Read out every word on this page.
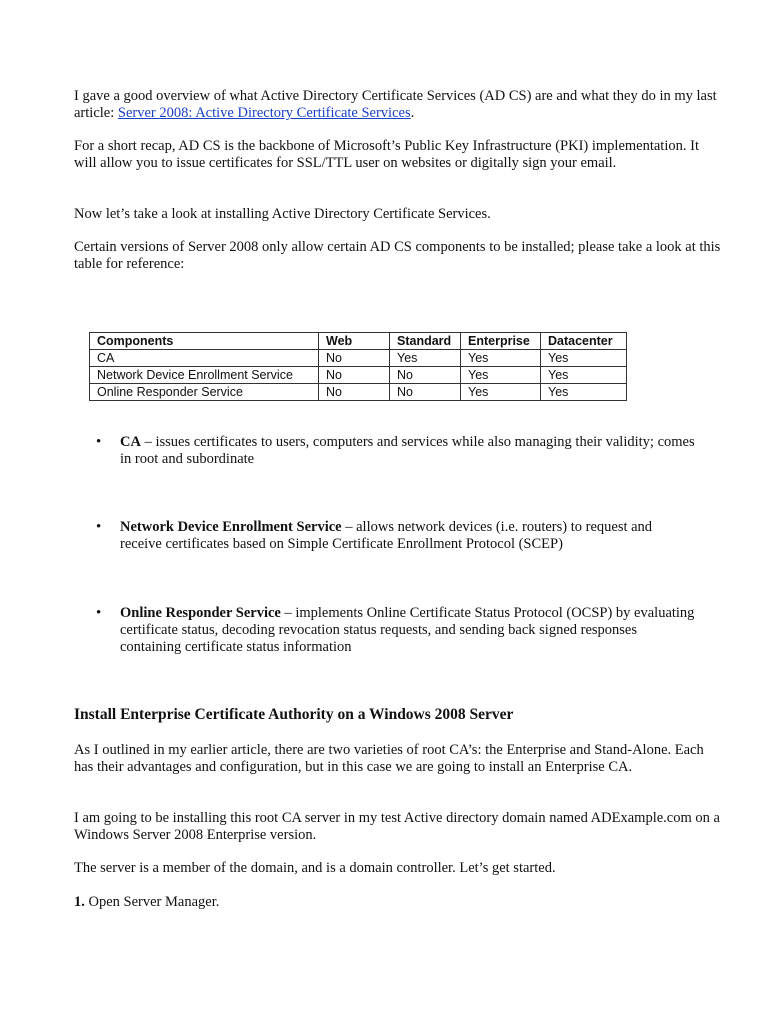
I gave a good overview of what Active Directory Certificate Services (AD CS) are and what they do in my last article: Server 2008: Active Directory Certificate Services.

For a short recap, AD CS is the backbone of Microsoft’s Public Key Infrastructure (PKI) implementation. It will allow you to issue certificates for SSL/TTL user on websites or digitally sign your email.

Now let’s take a look at installing Active Directory Certificate Services.

Certain versions of Server 2008 only allow certain AD CS components to be installed; please take a look at this table for reference:

Components	Web	Standard	Enterprise	Datacenter
CA	No	Yes	Yes	Yes
Network Device Enrollment Service	No	No	Yes	Yes
Online Responder Service	No	No	Yes	Yes
• CA – issues certificates to users, computers and services while also managing their validity; comes in root and subordinate
• Network Device Enrollment Service – allows network devices (i.e. routers) to request and receive certificates based on Simple Certificate Enrollment Protocol (SCEP)
• Online Responder Service – implements Online Certificate Status Protocol (OCSP) by evaluating certificate status, decoding revocation status requests, and sending back signed responses containing certificate status information
Install Enterprise Certificate Authority on a Windows 2008 Server

As I outlined in my earlier article, there are two varieties of root CA’s: the Enterprise and Stand-Alone. Each has their advantages and configuration, but in this case we are going to install an Enterprise CA.

I am going to be installing this root CA server in my test Active directory domain named ADExample.com on a Windows Server 2008 Enterprise version.

The server is a member of the domain, and is a domain controller. Let’s get started.

1. Open Server Manager.
